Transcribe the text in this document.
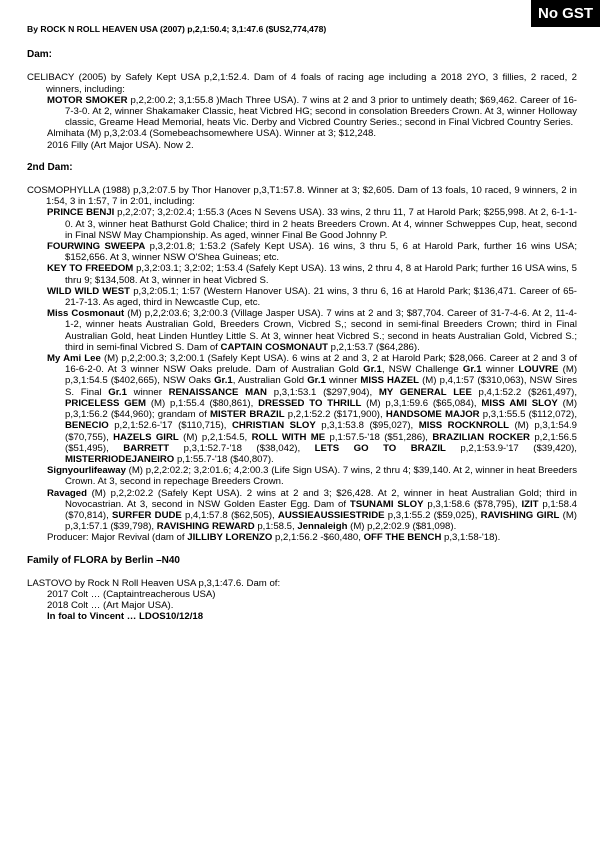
No GST
By ROCK N ROLL HEAVEN USA (2007) p,2,1:50.4; 3,1:47.6 ($US2,774,478)
Dam:

CELIBACY (2005) by Safely Kept USA p,2,1:52.4. Dam of 4 foals of racing age including a 2018 2YO, 3 fillies, 2 raced, 2 winners, including:

MOTOR SMOKER p,2,2:00.2; 3,1:55.8 )Mach Three USA). 7 wins at 2 and 3 prior to untimely death; $69,462. Career of 16-7-3-0. At 2, winner Shakamaker Classic, heat Vicbred HG; second in consolation Breeders Crown. At 3, winner Holloway classic, Greame Head Memorial, heats Vic. Derby and Vicbred Country Series.; second in Final Vicbred Country Series.

Almihata (M) p,3,2:03.4 (Somebeachsomewhere USA). Winner at 3; $12,248.

2016 Filly (Art Major USA). Now 2.

2nd Dam:

COSMOPHYLLA (1988) p,3,2:07.5 by Thor Hanover p,3,T1:57.8. Winner at 3; $2,605. Dam of 13 foals, 10 raced, 9 winners, 2 in 1:54, 3 in 1:57, 7 in 2:01, including:

PRINCE BENJI p,2,2:07; 3,2:02.4; 1:55.3 (Aces N Sevens USA). 33 wins, 2 thru 11, 7 at Harold Park; $255,998. At 2, 6-1-1-0. At 3, winner heat Bathurst Gold Chalice; third in 2 heats Breeders Crown. At 4, winner Schweppes Cup, heat, second in Final NSW May Championship. As aged, winner Final Be Good Johnny P.

FOURWING SWEEPA p,3,2:01.8; 1:53.2 (Safely Kept USA). 16 wins, 3 thru 5, 6 at Harold Park, further 16 wins USA; $152,656. At 3, winner NSW O'Shea Guineas; etc.

KEY TO FREEDOM p,3,2:03.1; 3,2:02; 1:53.4 (Safely Kept USA). 13 wins, 2 thru 4, 8 at Harold Park; further 16 USA wins, 5 thru 9; $134,508. At 3, winner in heat Vicbred S.

WILD WILD WEST p,3,2:05.1; 1:57 (Western Hanover USA). 21 wins, 3 thru 6, 16 at Harold Park; $136,471. Career of 65-21-7-13. As aged, third in Newcastle Cup, etc.

Miss Cosmonaut (M) p,2,2:03.6; 3,2:00.3 (Village Jasper USA). 7 wins at 2 and 3; $87,704. Career of 31-7-4-6. At 2, 11-4-1-2, winner heats Australian Gold, Breeders Crown, Vicbred S,; second in semi-final Breeders Crown; third in Final Australian Gold, heat Linden Huntley Little S. At 3, winner heat Vicbred S.; second in heats Australian Gold, Vicbred S.; third in semi-final Vicbred S. Dam of CAPTAIN COSMONAUT p,2,1:53.7 ($64,286).

My Ami Lee (M) p,2,2:00.3; 3,2:00.1 (Safely Kept USA). 6 wins at 2 and 3, 2 at Harold Park; $28,066. Career at 2 and 3 of 16-6-2-0. At 3 winner NSW Oaks prelude. Dam of Australian Gold Gr.1, NSW Challenge Gr.1 winner LOUVRE (M) p,3,1:54.5 ($402,665), NSW Oaks Gr.1, Australian Gold Gr.1 winner MISS HAZEL (M) p,4,1:57 ($310,063), NSW Sires S. Final Gr.1 winner RENAISSANCE MAN p,3,1:53.1 ($297,904), MY GENERAL LEE p,4,1:52.2 ($261,497), PRICELESS GEM (M) p,1:55.4 ($80,861), DRESSED TO THRILL (M) p,3,1:59.6 ($65,084), MISS AMI SLOY (M) p,3,1:56.2 ($44,960); grandam of MISTER BRAZIL p,2,1:52.2 ($171,900), HANDSOME MAJOR p,3,1:55.5 ($112,072), BENECIO p,2,1:52.6-'17 ($110,715), CHRISTIAN SLOY p,3,1:53.8 ($95,027), MISS ROCKNROLL (M) p,3,1:54.9 ($70,755), HAZELS GIRL (M) p,2,1:54.5, ROLL WITH ME p,1:57.5-'18 ($51,286), BRAZILIAN ROCKER p,2,1:56.5 ($51,495), BARRETT p,3,1:52.7-'18 ($38,042), LETS GO TO BRAZIL p,2,1:53.9-'17 ($39,420), MISTERRIODEJANEIRO p,1:55.7-'18 ($40,807).

Signyourlifeaway (M) p,2,2:02.2; 3,2:01.6; 4,2:00.3 (Life Sign USA). 7 wins, 2 thru 4; $39,140. At 2, winner in heat Breeders Crown. At 3, second in repechage Breeders Crown.

Ravaged (M) p,2,2:02.2 (Safely Kept USA). 2 wins at 2 and 3; $26,428. At 2, winner in heat Australian Gold; third in Novocastrian. At 3, second in NSW Golden Easter Egg. Dam of TSUNAMI SLOY p,3,1:58.6 ($78,795), IZIT p,1:58.4 ($70,814), SURFER DUDE p,4,1:57.8 ($62,505), AUSSIEAUSSIESTRIDE p,3,1:55.2 ($59,025), RAVISHING GIRL (M) p,3,1:57.1 ($39,798), RAVISHING REWARD p,1:58.5, Jennaleigh (M) p,2,2:02.9 ($81,098).

Producer: Major Revival (dam of JILLIBY LORENZO p,2,1:56.2 -$60,480, OFF THE BENCH p,3,1:58-'18).

Family of FLORA by Berlin –N40

LASTOVO by Rock N Roll Heaven USA p,3,1:47.6. Dam of:

2017 Colt … (Captaintreacherous USA)

2018 Colt … (Art Major USA).

In foal to Vincent … LDOS10/12/18
